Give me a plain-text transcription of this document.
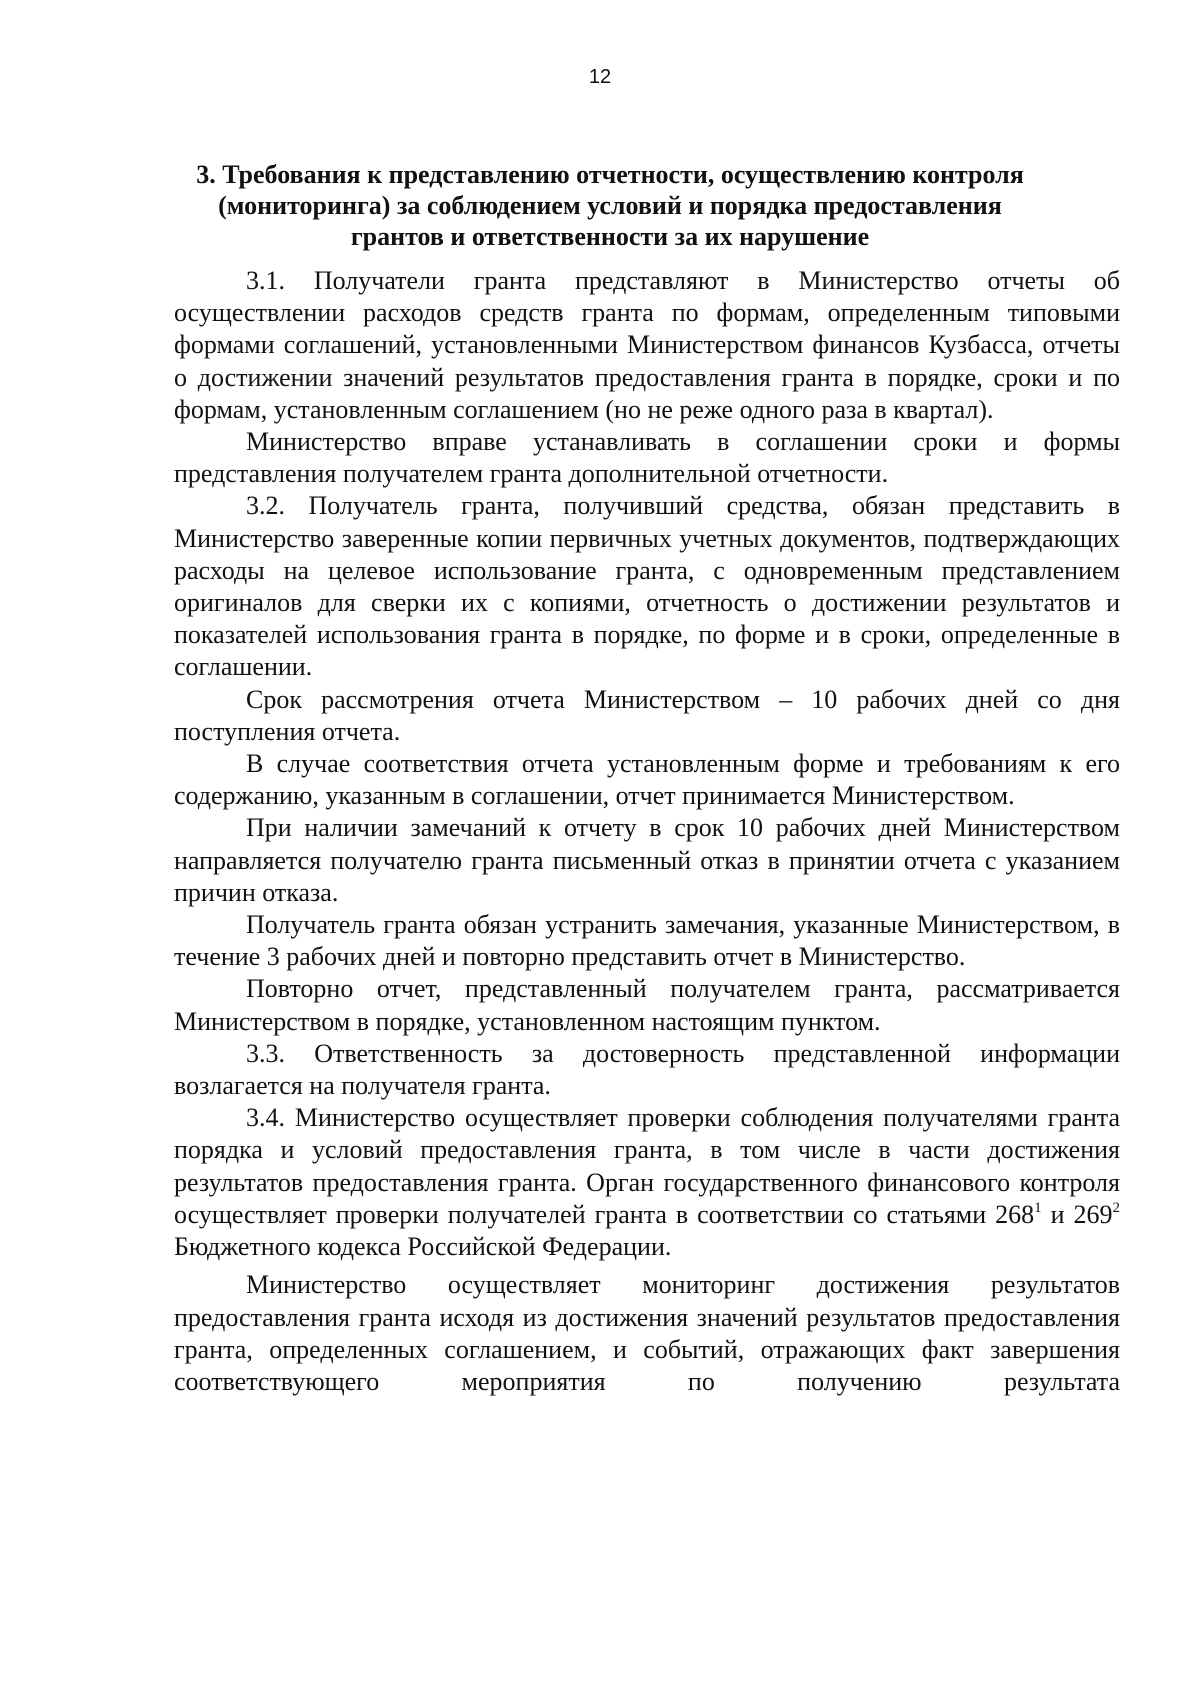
12
3. Требования к представлению отчетности, осуществлению контроля
(мониторинга) за соблюдением условий и порядка предоставления
грантов и ответственности за их нарушение

3.1. Получатели гранта представляют в Министерство отчеты об осуществлении расходов средств гранта по формам, определенным типовыми формами соглашений, установленными Министерством финансов Кузбасса, отчеты о достижении значений результатов предоставления гранта в порядке, сроки и по формам, установленным соглашением (но не реже одного раза в квартал).

Министерство вправе устанавливать в соглашении сроки и формы представления получателем гранта дополнительной отчетности.

3.2. Получатель гранта, получивший средства, обязан представить в Министерство заверенные копии первичных учетных документов, подтверждающих расходы на целевое использование гранта, с одновременным представлением оригиналов для сверки их с копиями, отчетность о достижении результатов и показателей использования гранта в порядке, по форме и в сроки, определенные в соглашении.

Срок рассмотрения отчета Министерством – 10 рабочих дней со дня поступления отчета.

В случае соответствия отчета установленным форме и требованиям к его содержанию, указанным в соглашении, отчет принимается Министерством.

При наличии замечаний к отчету в срок 10 рабочих дней Министерством направляется получателю гранта письменный отказ в принятии отчета с указанием причин отказа.

Получатель гранта обязан устранить замечания, указанные Министерством, в течение 3 рабочих дней и повторно представить отчет в Министерство.

Повторно отчет, представленный получателем гранта, рассматривается Министерством в порядке, установленном настоящим пунктом.

3.3. Ответственность за достоверность представленной информации возлагается на получателя гранта.

3.4. Министерство осуществляет проверки соблюдения получателями гранта порядка и условий предоставления гранта, в том числе в части достижения результатов предоставления гранта. Орган государственного финансового контроля осуществляет проверки получателей гранта в соответствии со статьями $268^1$ и $269^2$ Бюджетного кодекса Российской Федерации.

Министерство осуществляет мониторинг достижения результатов предоставления гранта исходя из достижения значений результатов предоставления гранта, определенных соглашением, и событий, отражающих факт завершения соответствующего мероприятия по получению результата
